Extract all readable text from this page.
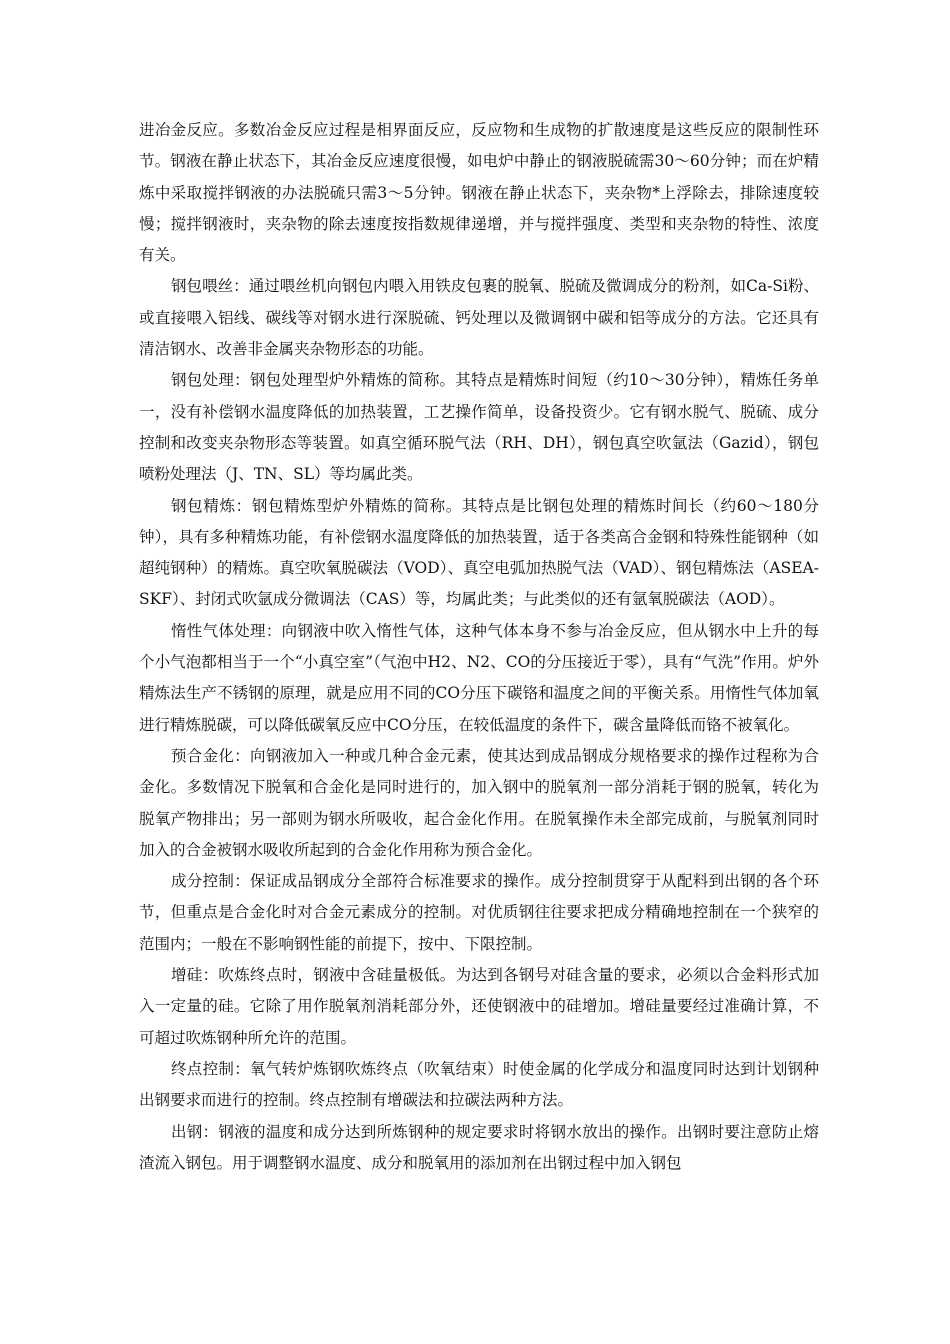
进冶金反应。多数冶金反应过程是相界面反应，反应物和生成物的扩散速度是这些反应的限制性环节。钢液在静止状态下，其冶金反应速度很慢，如电炉中静止的钢液脱硫需30～60分钟；而在炉精炼中采取搅拌钢液的办法脱硫只需3～5分钟。钢液在静止状态下，夹杂物*上浮除去，排除速度较慢；搅拌钢液时，夹杂物的除去速度按指数规律递增，并与搅拌强度、类型和夹杂物的特性、浓度有关。

钢包喂丝：通过喂丝机向钢包内喂入用铁皮包裹的脱氧、脱硫及微调成分的粉剂，如Ca-Si粉、或直接喂入铝线、碳线等对钢水进行深脱硫、钙处理以及微调钢中碳和铝等成分的方法。它还具有清洁钢水、改善非金属夹杂物形态的功能。

钢包处理：钢包处理型炉外精炼的简称。其特点是精炼时间短（约10～30分钟），精炼任务单一，没有补偿钢水温度降低的加热装置，工艺操作简单，设备投资少。它有钢水脱气、脱硫、成分控制和改变夹杂物形态等装置。如真空循环脱气法（RH、DH），钢包真空吹氩法（Gazid），钢包喷粉处理法（J、TN、SL）等均属此类。

钢包精炼：钢包精炼型炉外精炼的简称。其特点是比钢包处理的精炼时间长（约60～180分钟），具有多种精炼功能，有补偿钢水温度降低的加热装置，适于各类高合金钢和特殊性能钢种（如超纯钢种）的精炼。真空吹氧脱碳法（VOD）、真空电弧加热脱气法（VAD）、钢包精炼法（ASEA-SKF）、封闭式吹氩成分微调法（CAS）等，均属此类；与此类似的还有氩氧脱碳法（AOD）。

惰性气体处理：向钢液中吹入惰性气体，这种气体本身不参与冶金反应，但从钢水中上升的每个小气泡都相当于一个“小真空室”（气泡中H2、N2、CO的分压接近于零），具有“气洗”作用。炉外精炼法生产不锈钢的原理，就是应用不同的CO分压下碳铬和温度之间的平衡关系。用惰性气体加氧进行精炼脱碳，可以降低碳氧反应中CO分压，在较低温度的条件下，碳含量降低而铬不被氧化。

预合金化：向钢液加入一种或几种合金元素，使其达到成品钢成分规格要求的操作过程称为合金化。多数情况下脱氧和合金化是同时进行的，加入钢中的脱氧剂一部分消耗于钢的脱氧，转化为脱氧产物排出；另一部则为钢水所吸收，起合金化作用。在脱氧操作未全部完成前，与脱氧剂同时加入的合金被钢水吸收所起到的合金化作用称为预合金化。

成分控制：保证成品钢成分全部符合标准要求的操作。成分控制贯穿于从配料到出钢的各个环节，但重点是合金化时对合金元素成分的控制。对优质钢往往要求把成分精确地控制在一个狭窄的范围内；一般在不影响钢性能的前提下，按中、下限控制。

增硅：吹炼终点时，钢液中含硅量极低。为达到各钢号对硅含量的要求，必须以合金料形式加入一定量的硅。它除了用作脱氧剂消耗部分外，还使钢液中的硅增加。增硅量要经过准确计算，不可超过吹炼钢种所允许的范围。

终点控制：氧气转炉炼钢吹炼终点（吹氧结束）时使金属的化学成分和温度同时达到计划钢种出钢要求而进行的控制。终点控制有增碳法和拉碳法两种方法。

出钢：钢液的温度和成分达到所炼钢种的规定要求时将钢水放出的操作。出钢时要注意防止熔渣流入钢包。用于调整钢水温度、成分和脱氧用的添加剂在出钢过程中加入钢包
